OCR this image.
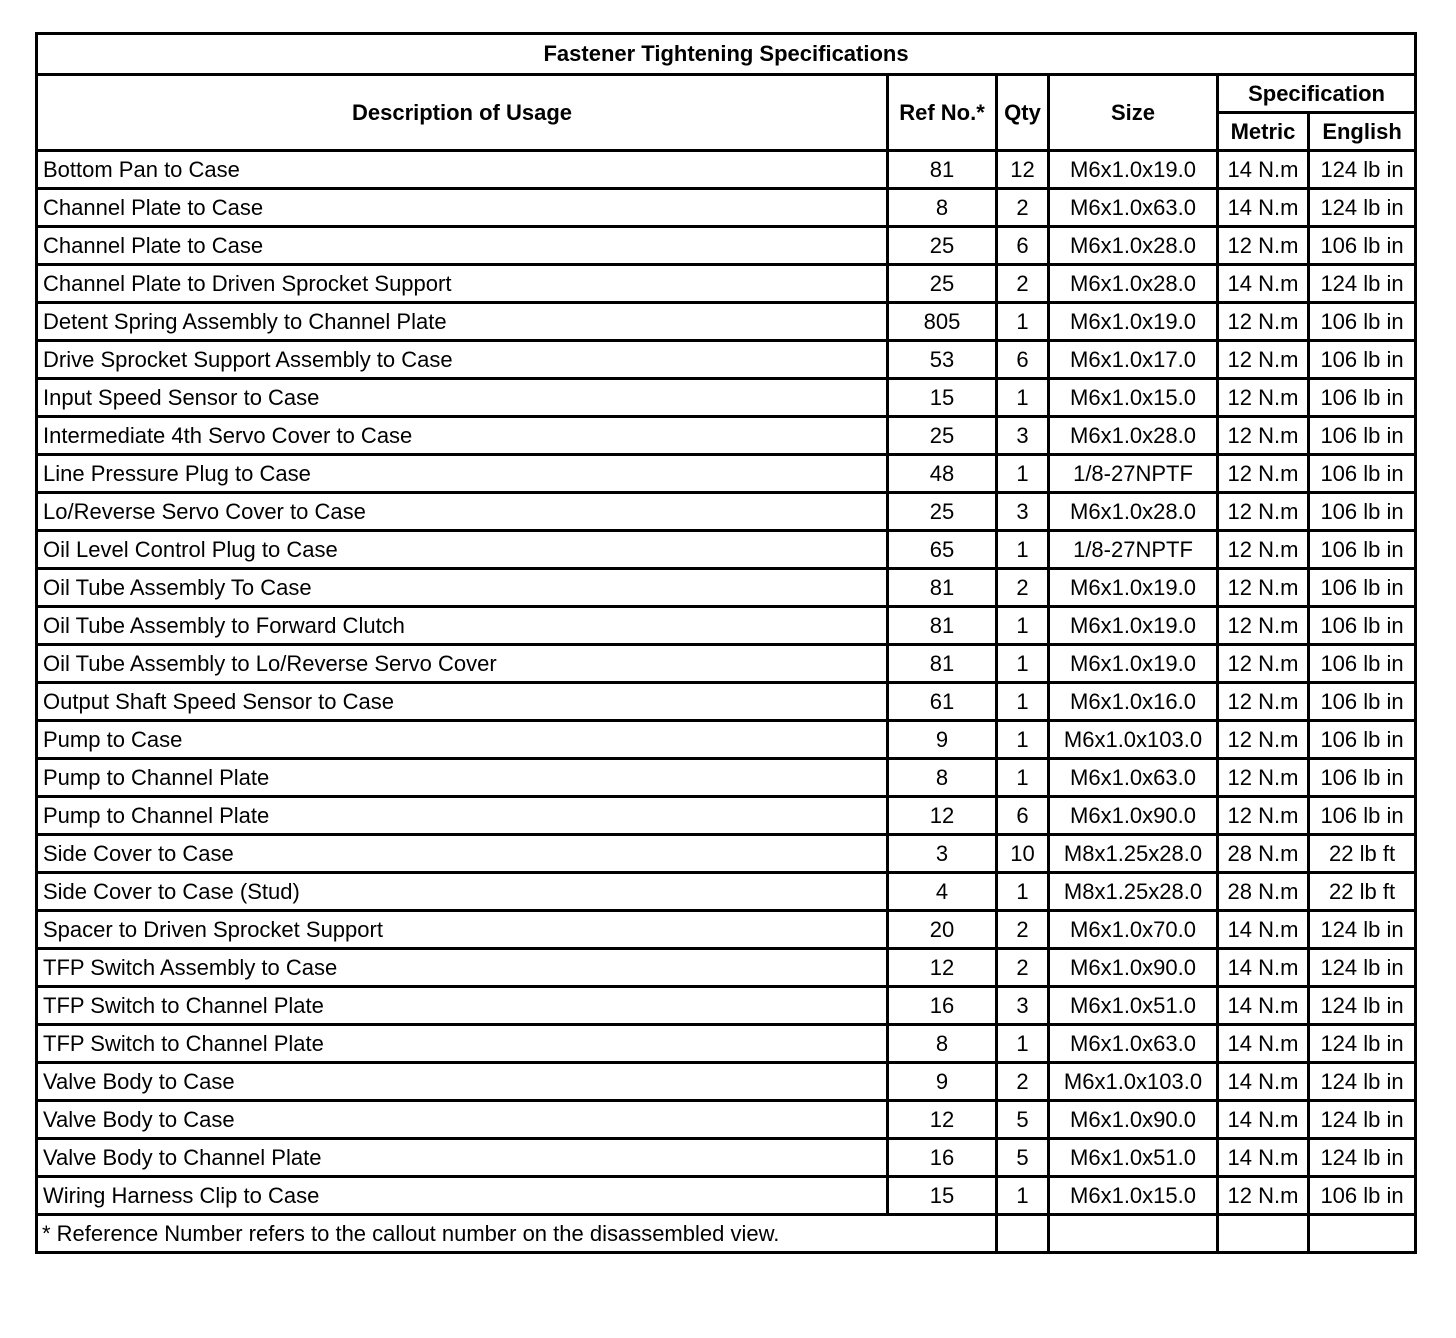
Fastener Tightening Specifications					
Description of Usage	Ref No.*	Qty	Size	Specification	
				Metric	English
Bottom Pan to Case	81	12	M6x1.0x19.0	14 N.m	124 lb in
Channel Plate to Case	8	2	M6x1.0x63.0	14 N.m	124 lb in
Channel Plate to Case	25	6	M6x1.0x28.0	12 N.m	106 lb in
Channel Plate to Driven Sprocket Support	25	2	M6x1.0x28.0	14 N.m	124 lb in
Detent Spring Assembly to Channel Plate	805	1	M6x1.0x19.0	12 N.m	106 lb in
Drive Sprocket Support Assembly to Case	53	6	M6x1.0x17.0	12 N.m	106 lb in
Input Speed Sensor to Case	15	1	M6x1.0x15.0	12 N.m	106 lb in
Intermediate 4th Servo Cover to Case	25	3	M6x1.0x28.0	12 N.m	106 lb in
Line Pressure Plug to Case	48	1	1/8-27NPTF	12 N.m	106 lb in
Lo/Reverse Servo Cover to Case	25	3	M6x1.0x28.0	12 N.m	106 lb in
Oil Level Control Plug to Case	65	1	1/8-27NPTF	12 N.m	106 lb in
Oil Tube Assembly To Case	81	2	M6x1.0x19.0	12 N.m	106 lb in
Oil Tube Assembly to Forward Clutch	81	1	M6x1.0x19.0	12 N.m	106 lb in
Oil Tube Assembly to Lo/Reverse Servo Cover	81	1	M6x1.0x19.0	12 N.m	106 lb in
Output Shaft Speed Sensor to Case	61	1	M6x1.0x16.0	12 N.m	106 lb in
Pump to Case	9	1	M6x1.0x103.0	12 N.m	106 lb in
Pump to Channel Plate	8	1	M6x1.0x63.0	12 N.m	106 lb in
Pump to Channel Plate	12	6	M6x1.0x90.0	12 N.m	106 lb in
Side Cover to Case	3	10	M8x1.25x28.0	28 N.m	22 lb ft
Side Cover to Case (Stud)	4	1	M8x1.25x28.0	28 N.m	22 lb ft
Spacer to Driven Sprocket Support	20	2	M6x1.0x70.0	14 N.m	124 lb in
TFP Switch Assembly to Case	12	2	M6x1.0x90.0	14 N.m	124 lb in
TFP Switch to Channel Plate	16	3	M6x1.0x51.0	14 N.m	124 lb in
TFP Switch to Channel Plate	8	1	M6x1.0x63.0	14 N.m	124 lb in
Valve Body to Case	9	2	M6x1.0x103.0	14 N.m	124 lb in
Valve Body to Case	12	5	M6x1.0x90.0	14 N.m	124 lb in
Valve Body to Channel Plate	16	5	M6x1.0x51.0	14 N.m	124 lb in
Wiring Harness Clip to Case	15	1	M6x1.0x15.0	12 N.m	106 lb in
* Reference Number refers to the callout number on the disassembled view.					
